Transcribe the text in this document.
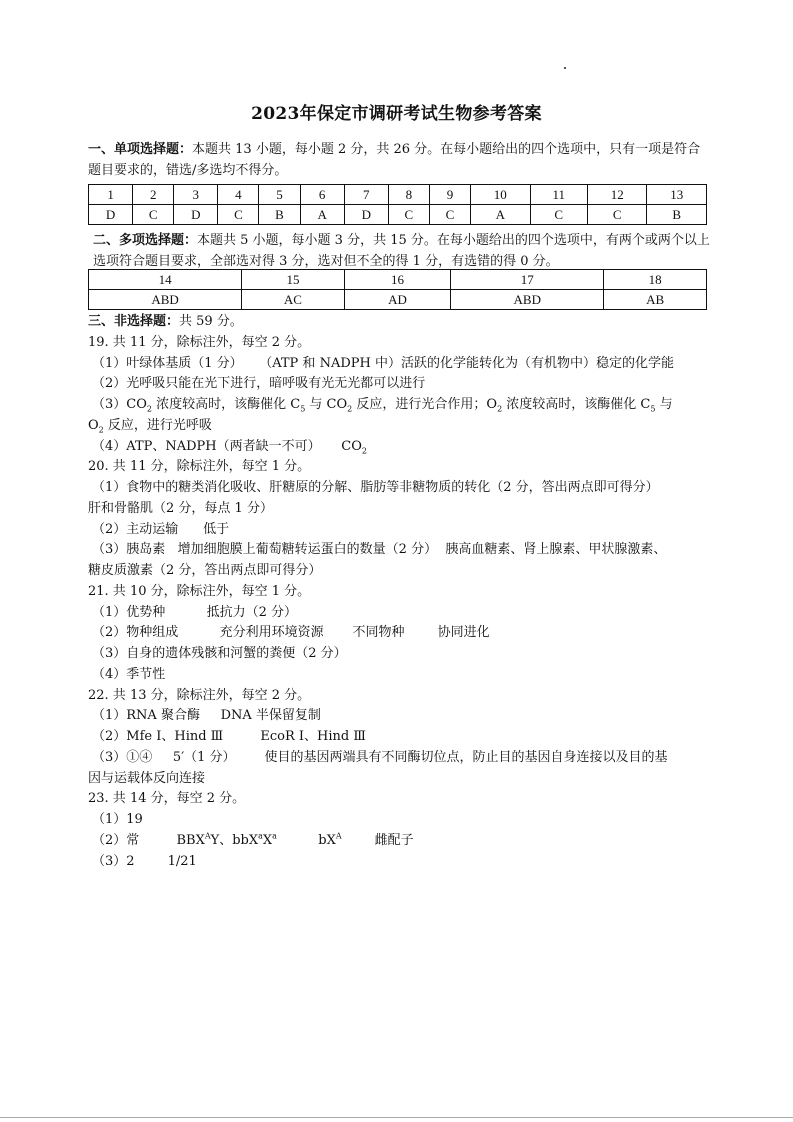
2023年保定市调研考试生物参考答案
一、单项选择题：本题共 13 小题，每小题 2 分，共 26 分。在每小题给出的四个选项中，只有一项是符合题目要求的，错选/多选均不得分。
1	2	3	4	5	6	7	8	9	10	11	12	13
D	C	D	C	B	A	D	C	C	A	C	C	B
二、多项选择题：本题共 5 小题，每小题 3 分，共 15 分。在每小题给出的四个选项中，有两个或两个以上选项符合题目要求，全部选对得 3 分，选对但不全的得 1 分，有选错的得 0 分。
14	15	16	17	18
ABD	AC	AD	ABD	AB
三、非选择题：共 59 分。
19. 共 11 分，除标注外，每空 2 分。
（1）叶绿体基质（1 分）    （ATP 和 NADPH 中）活跃的化学能转化为（有机物中）稳定的化学能
（2）光呼吸只能在光下进行，暗呼吸有光无光都可以进行
$(3)CO_2$ 浓度较高时，该酶催化 $C_5$ 与 $CO_2$ 反应，进行光合作用；$O_2$ 浓度较高时，该酶催化 $C_5$ 与
$O_2$ 反应，进行光呼吸
（4）ATP、NADPH（两者缺一不可）     $CO_2$
20. 共 11 分，除标注外，每空 1 分。
（1）食物中的糖类消化吸收、肝糖原的分解、脂肪等非糖物质的转化（2 分，答出两点即可得分）
肝和骨骼肌（2 分，每点 1 分）
（2）主动运输      低于
（3）胰岛素   增加细胞膜上葡萄糖转运蛋白的数量（2 分）  胰高血糖素、肾上腺素、甲状腺激素、
糖皮质激素（2 分，答出两点即可得分）
21. 共 10 分，除标注外，每空 1 分。
（1）优势种          抵抗力（2 分）
（2）物种组成          充分利用环境资源       不同物种        协同进化
（3）自身的遗体残骸和河蟹的粪便（2 分）
（4）季节性
22. 共 13 分，除标注外，每空 2 分。
（1）RNA 聚合酶     DNA 半保留复制
（2）Mfe I、Hind Ⅲ         EcoR I、Hind Ⅲ
（3）①④     5′（1 分）       使目的基因两端具有不同酶切位点，防止目的基因自身连接以及目的基
因与运载体反向连接
23. 共 14 分，每空 2 分。
（1）19
（2）常         $BBX^AY$、$bbX^aX^a$          $bX^A$        雌配子
（3）2        1/21
